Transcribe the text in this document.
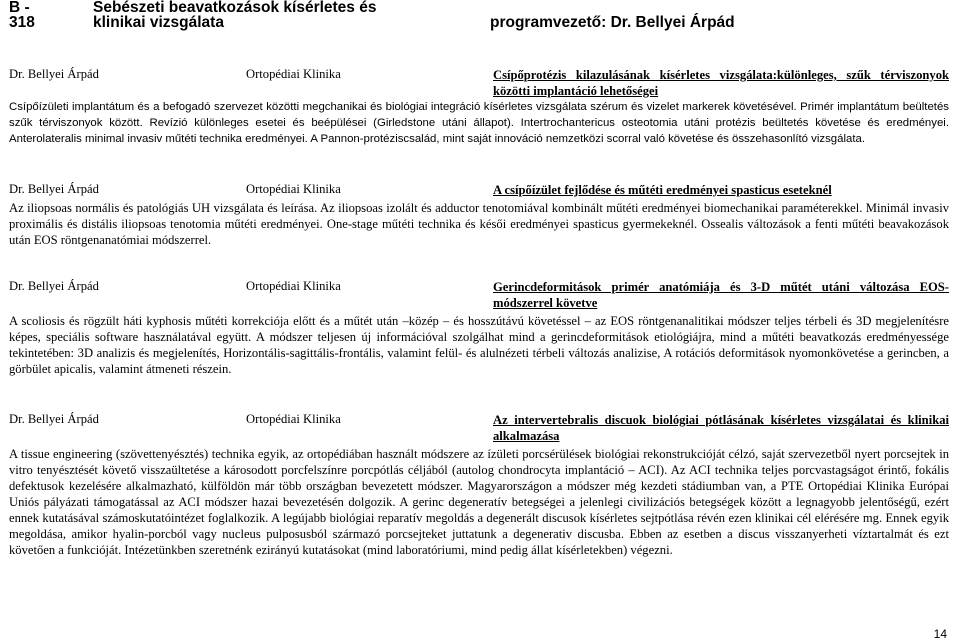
B - 318
Sebészeti beavatkozások kísérletes és
klinikai vizsgálata	programvezető: Dr. Bellyei Árpád
Dr. Bellyei Árpád	Ortopédiai Klinika	Csípőprotézis kilazulásának kísérletes vizsgálata:különleges, szűk térviszonyok közötti implantáció lehetőségei
Csípőízületi implantátum és a befogadó szervezet közötti megchanikai és biológiai integráció kísérletes vizsgálata szérum és vizelet markerek követésével. Primér implantátum beültetés szűk térviszonyok között. Revízió különleges esetei és beépülései (Girledstone utáni állapot). Intertrochantericus osteotomia utáni protézis beültetés követése és eredményei. Anterolateralis minimal invasiv műtéti technika eredményei. A Pannon-protéziscsalád, mint saját innováció nemzetközi scorral való követése és összehasonlító vizsgálata.
Dr. Bellyei Árpád	Ortopédiai Klinika	A csípőízület fejlődése és műtéti eredményei spasticus eseteknél
Az iliopsoas normális és patológiás UH vizsgálata és leírása. Az iliopsoas izolált és adductor tenotomiával kombinált műtéti eredményei biomechanikai paraméterekkel. Minimál invasiv proximális és distális iliopsoas tenotomia műtéti eredményei. One-stage műtéti technika és késői eredményei spasticus gyermekeknél. Ossealis változások a fenti műtéti beavakozások után EOS röntgenanatómiai módszerrel.
Dr. Bellyei Árpád	Ortopédiai Klinika	Gerincdeformitások primér anatómiája és 3-D műtét utáni változása EOS-módszerrel követve
A scoliosis és rögzült háti kyphosis műtéti korrekciója előtt és a műtét után –közép – és hosszútávú követéssel – az EOS röntgenanalitikai módszer teljes térbeli és 3D megjelenítésre képes, speciális software használatával együtt. A módszer teljesen új információval szolgálhat mind a gerincdeformitások etiológiájra, mind a műtéti beavatkozás eredményessége tekintetében: 3D analizis és megjelenítés, Horizontális-sagittális-frontális, valamint felül- és alulnézeti térbeli változás analizise, A rotációs deformitások nyomonkövetése a gerincben, a görbület apicalis, valamint átmeneti részein.
Dr. Bellyei Árpád	Ortopédiai Klinika	Az intervertebralis discuok biológiai pótlásának kísérletes vizsgálatai és klinikai alkalmazása
A tissue engineering (szövettenyésztés) technika egyik, az ortopédiában használt módszere az ízületi porcsérülések biológiai rekonstrukcióját célzó, saját szervezetből nyert porcsejtek in vitro tenyésztését követő visszaültetése a károsodott porcfelszínre porcpótlás céljából (autolog chondrocyta implantáció – ACI). Az ACI technika teljes porcvastagságot érintő, fokális defektusok kezelésére alkalmazható, külföldön már több országban bevezetett módszer. Magyarországon a módszer még kezdeti stádiumban van, a PTE Ortopédiai Klinika Európai Uniós pályázati támogatással az ACI módszer hazai bevezetésén dolgozik. A gerinc degeneratív betegségei a jelenlegi civilizációs betegségek között a legnagyobb jelentőségű, ezért ennek kutatásával számoskutatóintézet foglalkozik. A legújabb biológiai reparatív megoldás a degenerált discusok kísérletes sejtpótlása révén ezen klinikai cél elérésére mg. Ennek egyik megoldása, amikor hyalin-porcból vagy nucleus pulposusból származó porcsejteket juttatunk a degenerativ discusba. Ebben az esetben a discus visszanyerheti víztartalmát és ezt követően a funkcióját. Intézetünkben szeretnénk ezirányú kutatásokat (mind laboratóriumi, mind pedig állat kísérletekben) végezni.
14
